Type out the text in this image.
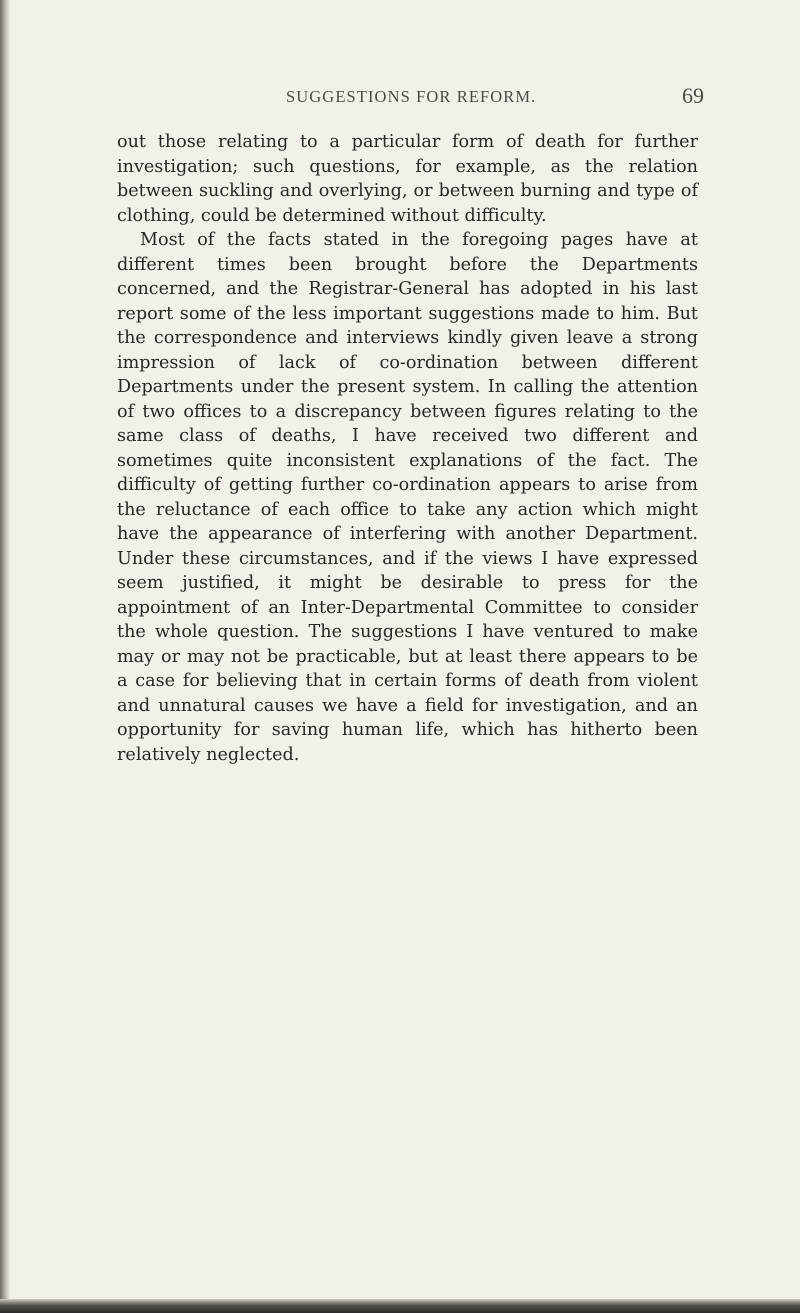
SUGGESTIONS FOR REFORM.	69

out those relating to a particular form of death for further investigation; such questions, for example, as the relation between suckling and overlying, or between burning and type of clothing, could be determined without difficulty.

Most of the facts stated in the foregoing pages have at different times been brought before the Departments concerned, and the Registrar-General has adopted in his last report some of the less important suggestions made to him. But the correspondence and interviews kindly given leave a strong impression of lack of co-ordination between different Departments under the present system. In calling the attention of two offices to a discrepancy between figures relating to the same class of deaths, I have received two different and sometimes quite inconsistent explanations of the fact. The difficulty of getting further co-ordination appears to arise from the reluctance of each office to take any action which might have the appearance of interfering with another Department. Under these circumstances, and if the views I have expressed seem justified, it might be desirable to press for the appointment of an Inter-Departmental Committee to consider the whole question. The suggestions I have ventured to make may or may not be practicable, but at least there appears to be a case for believing that in certain forms of death from violent and unnatural causes we have a field for investigation, and an opportunity for saving human life, which has hitherto been relatively neglected.
